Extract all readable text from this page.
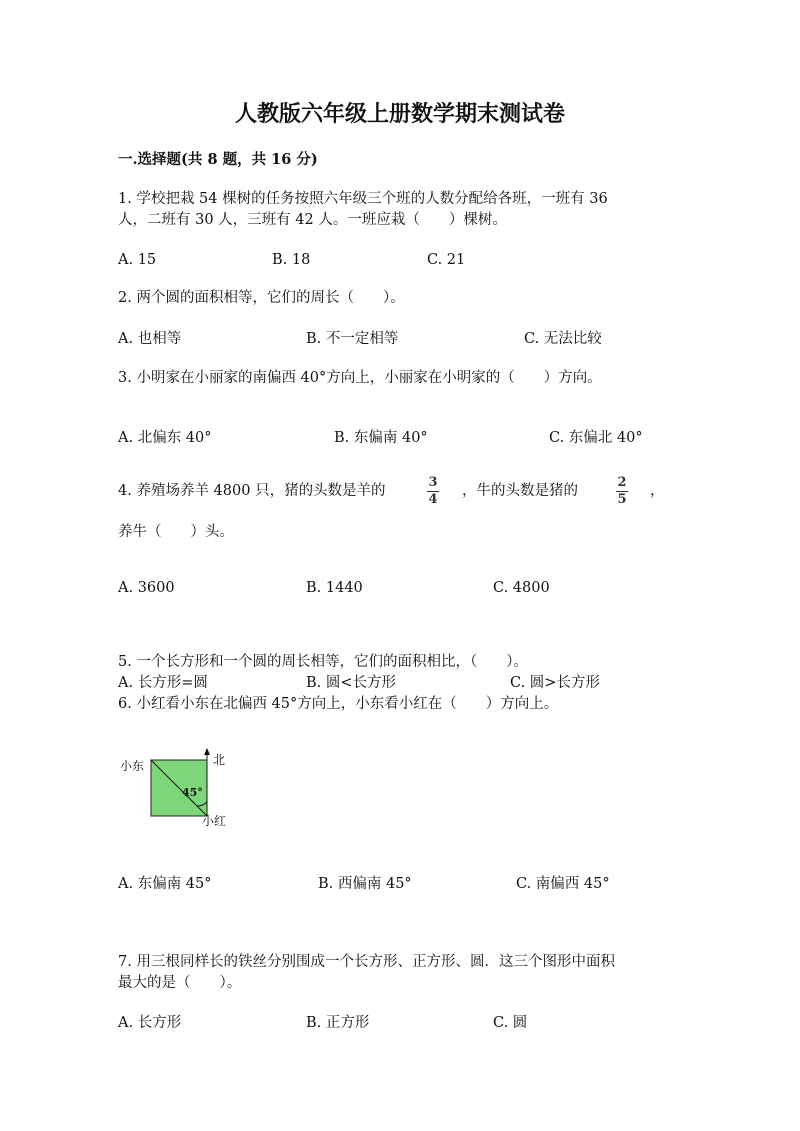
人教版六年级上册数学期末测试卷
一.选择题(共 8 题，共 16 分)
1. 学校把栽 54 棵树的任务按照六年级三个班的人数分配给各班，一班有 36
人，二班有 30 人，三班有 42 人。一班应栽（　　）棵树。
A. 15	B. 18	C. 21
2. 两个圆的面积相等，它们的周长（　　）。
A. 也相等	B. 不一定相等	C. 无法比较
3. 小明家在小丽家的南偏西 40°方向上，小丽家在小明家的（　　）方向。
A. 北偏东 40°	B. 东偏南 40°	C. 东偏北 40°
4. 养殖场养羊 4800 只，猪的头数是羊的
3
4
，牛的头数是猪的
2
5
，
养牛（　　）头。
A. 3600	B. 1440	C. 4800
5. 一个长方形和一个圆的周长相等，它们的面积相比，（　　）。
A. 长方形=圆	B. 圆<长方形	C. 圆>长方形
6. 小红看小东在北偏西 45°方向上，小东看小红在（　　）方向上。
小东	北
45°
小红
A. 东偏南 45°	B. 西偏南 45°	C. 南偏西 45°
7. 用三根同样长的铁丝分别围成一个长方形、正方形、圆．这三个图形中面积
最大的是（　　）。
A. 长方形	B. 正方形	C. 圆
